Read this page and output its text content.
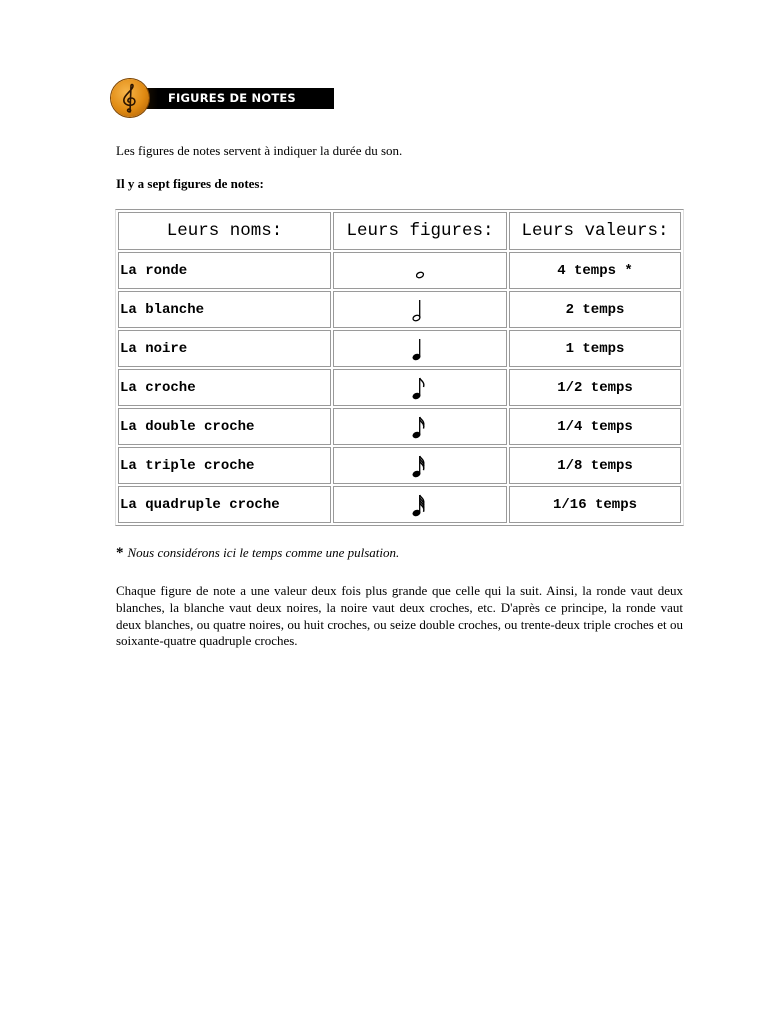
FIGURES DE NOTES
Les figures de notes servent à indiquer la durée du son.
Il y a sept figures de notes:
Leurs noms:	Leurs figures:	Leurs valeurs:
La ronde		4 temps *
La blanche		2 temps
La noire		1 temps
La croche		1/2 temps
La double croche		1/4 temps
La triple croche		1/8 temps
La quadruple croche		1/16 temps
* Nous considérons ici le temps comme une pulsation.
Chaque figure de note a une valeur deux fois plus grande que celle qui la suit. Ainsi, la ronde vaut deux blanches, la blanche vaut deux noires, la noire vaut deux croches, etc. D'après ce principe, la ronde vaut deux blanches, ou quatre noires, ou huit croches, ou seize double croches, ou trente-deux triple croches et ou soixante-quatre quadruple croches.
